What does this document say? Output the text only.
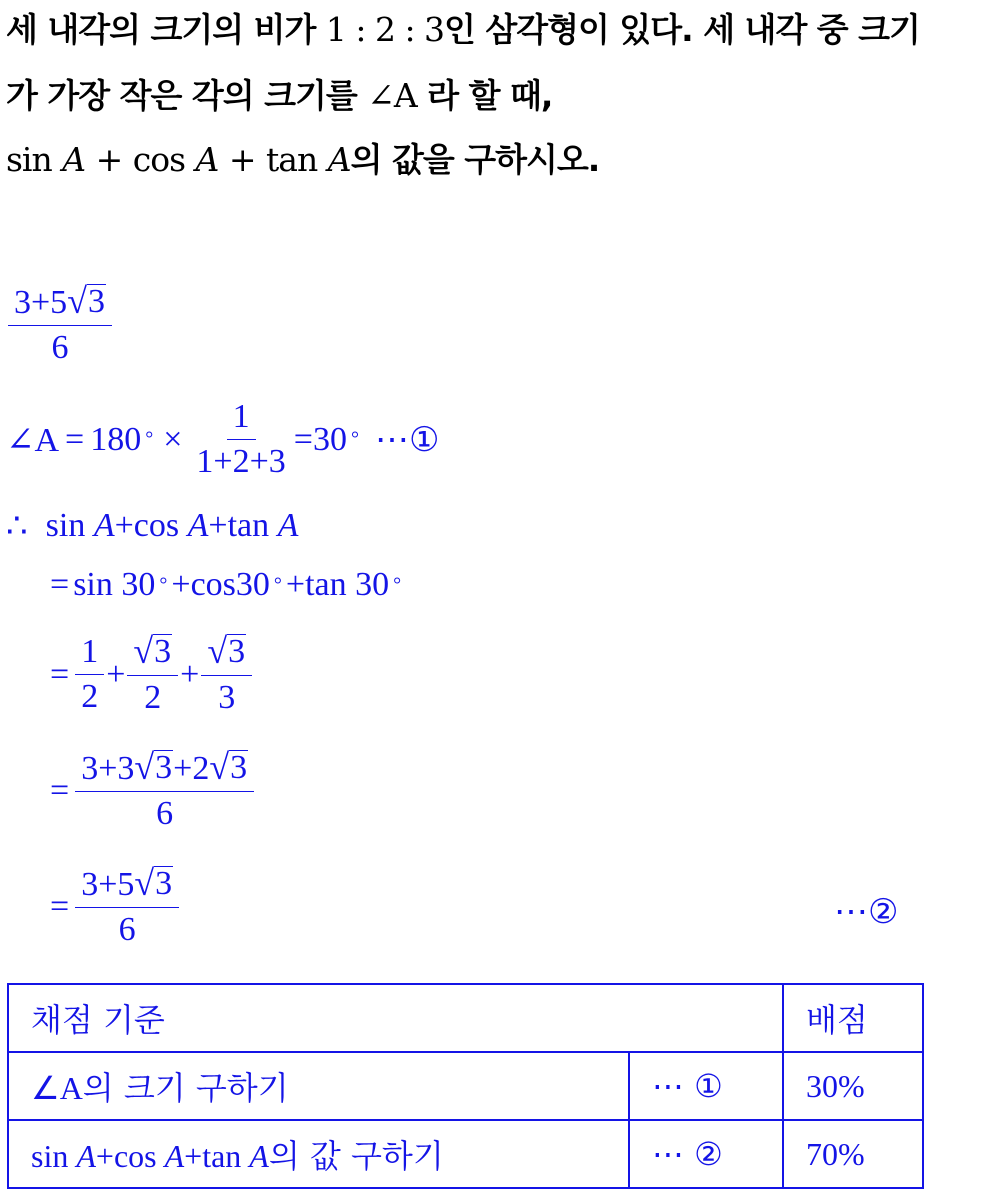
세 내각의 크기의 비가 1 : 2 : 3인 삼각형이 있다. 세 내각 중 크기
가 가장 작은 각의 크기를 ∠A 라 할 때,
sin A + cos A + tan A의 값을 구하시오.
$\frac{3+5 √ 3}{6}$
∠A = 180 ° × $\frac{1}{1+2+3} = 30$ ° ⋯①
∴ sin
A + cos
A + tan
A
= sin
30 ° + cos 30 ° + tan
30 °
= $\frac{1}{2} + \frac{√ 3}{2} + \frac{√ 3}{3}$
= $\frac{3+3 √ 3 +2 √ 3}{6}$
= $\frac{3+5 √ 3}{6}$	⋯②
채점 기준		배점
∠A의 크기 구하기	⋯ ①	30%
sin A+cos A+tan A의 값 구하기	⋯ ②	70%
